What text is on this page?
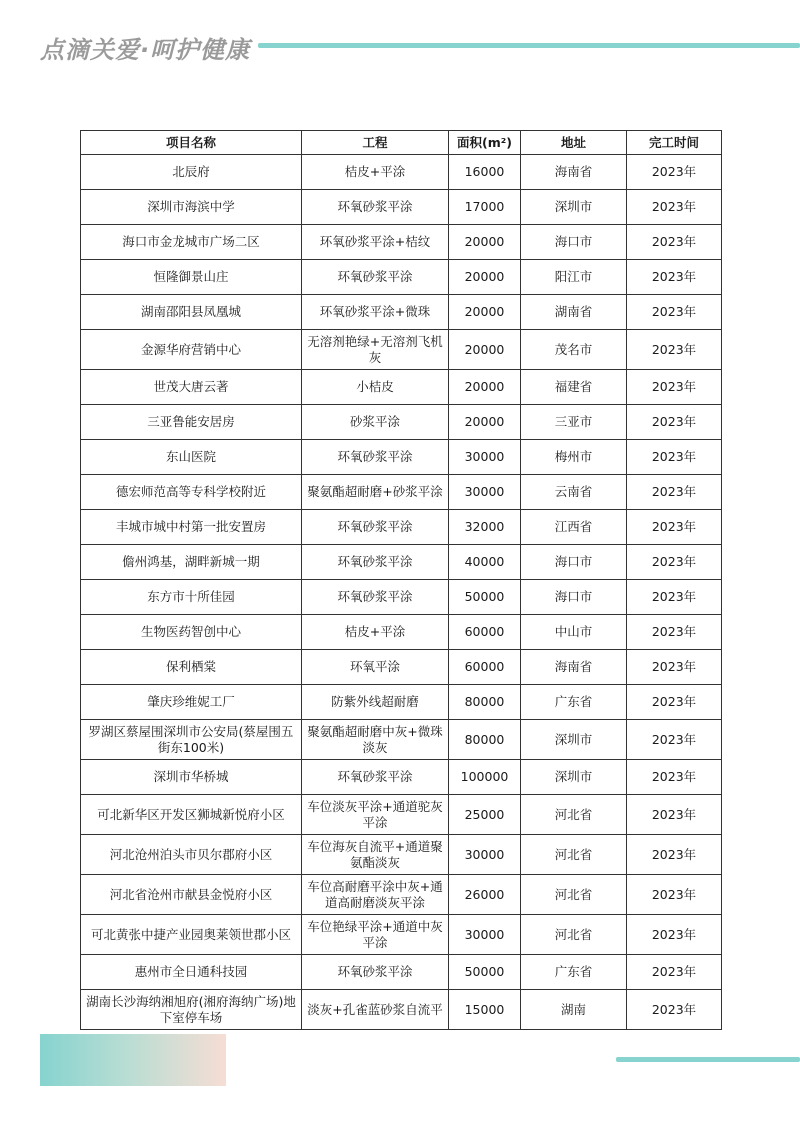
点滴关爱·呵护健康
项目名称	工程	面积(m²)	地址	完工时间
北辰府	桔皮+平涂	16000	海南省	2023年
深圳市海滨中学	环氧砂浆平涂	17000	深圳市	2023年
海口市金龙城市广场二区	环氧砂浆平涂+桔纹	20000	海口市	2023年
恒隆御景山庄	环氧砂浆平涂	20000	阳江市	2023年
湖南邵阳县凤凰城	环氧砂浆平涂+微珠	20000	湖南省	2023年
金源华府营销中心	无溶剂艳绿+无溶剂飞机灰	20000	茂名市	2023年
世茂大唐云著	小桔皮	20000	福建省	2023年
三亚鲁能安居房	砂浆平涂	20000	三亚市	2023年
东山医院	环氧砂浆平涂	30000	梅州市	2023年
德宏师范高等专科学校附近	聚氨酯超耐磨+砂浆平涂	30000	云南省	2023年
丰城市城中村第一批安置房	环氧砂浆平涂	32000	江西省	2023年
儋州鸿基，湖畔新城一期	环氧砂浆平涂	40000	海口市	2023年
东方市十所佳园	环氧砂浆平涂	50000	海口市	2023年
生物医药智创中心	桔皮+平涂	60000	中山市	2023年
保利栖棠	环氧平涂	60000	海南省	2023年
肇庆珍维妮工厂	防紫外线超耐磨	80000	广东省	2023年
罗湖区蔡屋围深圳市公安局(蔡屋围五街东100米)	聚氨酯超耐磨中灰+微珠淡灰	80000	深圳市	2023年
深圳市华桥城	环氧砂浆平涂	100000	深圳市	2023年
可北新华区开发区狮城新悦府小区	车位淡灰平涂+通道驼灰平涂	25000	河北省	2023年
河北沧州泊头市贝尔郡府小区	车位海灰自流平+通道聚氨酯淡灰	30000	河北省	2023年
河北省沧州市献县金悦府小区	车位高耐磨平涂中灰+通道高耐磨淡灰平涂	26000	河北省	2023年
可北黄张中捷产业园奥莱领世郡小区	车位艳绿平涂+通道中灰平涂	30000	河北省	2023年
惠州市全日通科技园	环氧砂浆平涂	50000	广东省	2023年
湖南长沙海纳湘旭府(湘府海纳广场)地下室停车场	淡灰+孔雀蓝砂浆自流平	15000	湖南	2023年
